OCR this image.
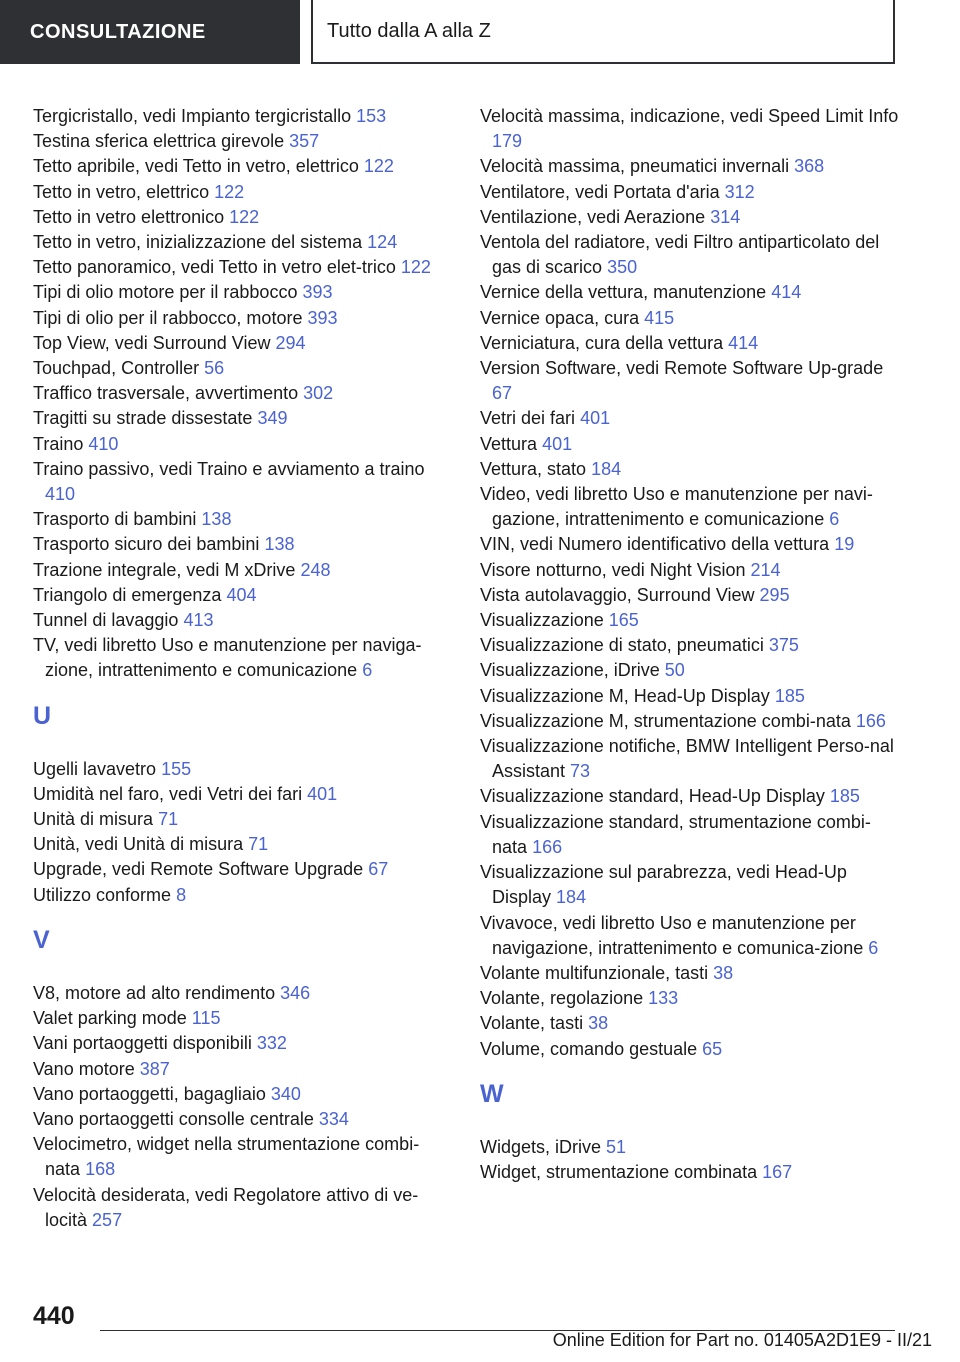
CONSULTAZIONE	Tutto dalla A alla Z
Tergicristallo, vedi Impianto tergicristallo 153
Testina sferica elettrica girevole 357
Tetto apribile, vedi Tetto in vetro, elettrico 122
Tetto in vetro, elettrico 122
Tetto in vetro elettronico 122
Tetto in vetro, inizializzazione del sistema 124
Tetto panoramico, vedi Tetto in vetro elet-trico 122
Tipi di olio motore per il rabbocco 393
Tipi di olio per il rabbocco, motore 393
Top View, vedi Surround View 294
Touchpad, Controller 56
Traffico trasversale, avvertimento 302
Tragitti su strade dissestate 349
Traino 410
Traino passivo, vedi Traino e avviamento a traino 410
Trasporto di bambini 138
Trasporto sicuro dei bambini 138
Trazione integrale, vedi M xDrive 248
Triangolo di emergenza 404
Tunnel di lavaggio 413
TV, vedi libretto Uso e manutenzione per naviga-zione, intrattenimento e comunicazione 6
U
Ugelli lavavetro 155
Umidità nel faro, vedi Vetri dei fari 401
Unità di misura 71
Unità, vedi Unità di misura 71
Upgrade, vedi Remote Software Upgrade 67
Utilizzo conforme 8
V
V8, motore ad alto rendimento 346
Valet parking mode 115
Vani portaoggetti disponibili 332
Vano motore 387
Vano portaoggetti, bagagliaio 340
Vano portaoggetti consolle centrale 334
Velocimetro, widget nella strumentazione combi-nata 168
Velocità desiderata, vedi Regolatore attivo di ve-locità 257
Velocità massima, indicazione, vedi Speed Limit Info 179
Velocità massima, pneumatici invernali 368
Ventilatore, vedi Portata d'aria 312
Ventilazione, vedi Aerazione 314
Ventola del radiatore, vedi Filtro antiparticolato del gas di scarico 350
Vernice della vettura, manutenzione 414
Vernice opaca, cura 415
Verniciatura, cura della vettura 414
Version Software, vedi Remote Software Up-grade 67
Vetri dei fari 401
Vettura 401
Vettura, stato 184
Video, vedi libretto Uso e manutenzione per navi-gazione, intrattenimento e comunicazione 6
VIN, vedi Numero identificativo della vettura 19
Visore notturno, vedi Night Vision 214
Vista autolavaggio, Surround View 295
Visualizzazione 165
Visualizzazione di stato, pneumatici 375
Visualizzazione, iDrive 50
Visualizzazione M, Head-Up Display 185
Visualizzazione M, strumentazione combi-nata 166
Visualizzazione notifiche, BMW Intelligent Perso-nal Assistant 73
Visualizzazione standard, Head-Up Display 185
Visualizzazione standard, strumentazione combi-nata 166
Visualizzazione sul parabrezza, vedi Head-Up Display 184
Vivavoce, vedi libretto Uso e manutenzione per navigazione, intrattenimento e comunica-zione 6
Volante multifunzionale, tasti 38
Volante, regolazione 133
Volante, tasti 38
Volume, comando gestuale 65
W
Widgets, iDrive 51
Widget, strumentazione combinata 167
440
Online Edition for Part no. 01405A2D1E9 - II/21
